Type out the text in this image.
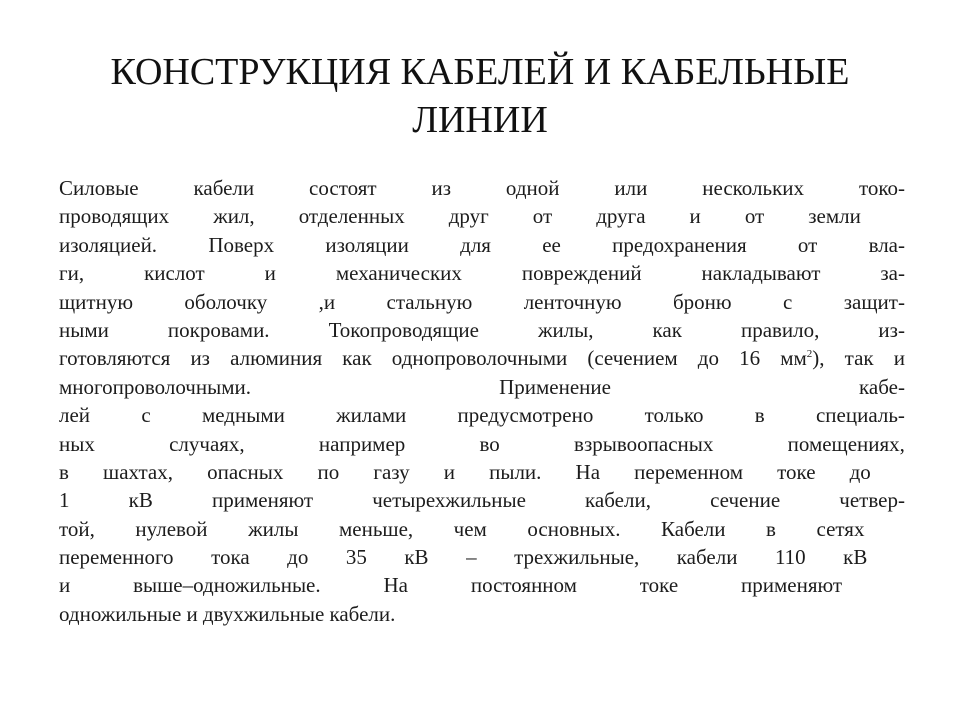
КОНСТРУКЦИЯ КАБЕЛЕЙ И КАБЕЛЬНЫЕ
ЛИНИИ
Силовые	кабели	состоят	из	одной	или	нескольких	токо-
проводящих жил, отделенных друг от друга и от земли
изоляцией. Поверх изоляции для ее предохранения от вла-
ги,	кислот	и	механических	повреждений	накладывают	за-
щитную оболочку ,и стальную ленточную броню с защит-
ными	покровами.	Токопроводящие	жилы,	как	правило,	из-
готовляются из алюминия как однопроволочными (сечением до 16 $мм^2$), так и
многопроволочными.	Применение	кабе-
лей с медными жилами предусмотрено только в специаль-
ных	случаях,	например	во	взрывоопасных	помещениях,
в шахтах, опасных по газу и пыли. На переменном токе до
1	кВ	применяют	четырехжильные	кабели,	сечение	четвер-
той, нулевой жилы меньше, чем основных. Кабели в сетях
переменного тока до 35 кВ – трехжильные, кабели 110 кВ
и	выше–одножильные.	На	постоянном	токе	применяют
одножильные и двухжильные кабели.
